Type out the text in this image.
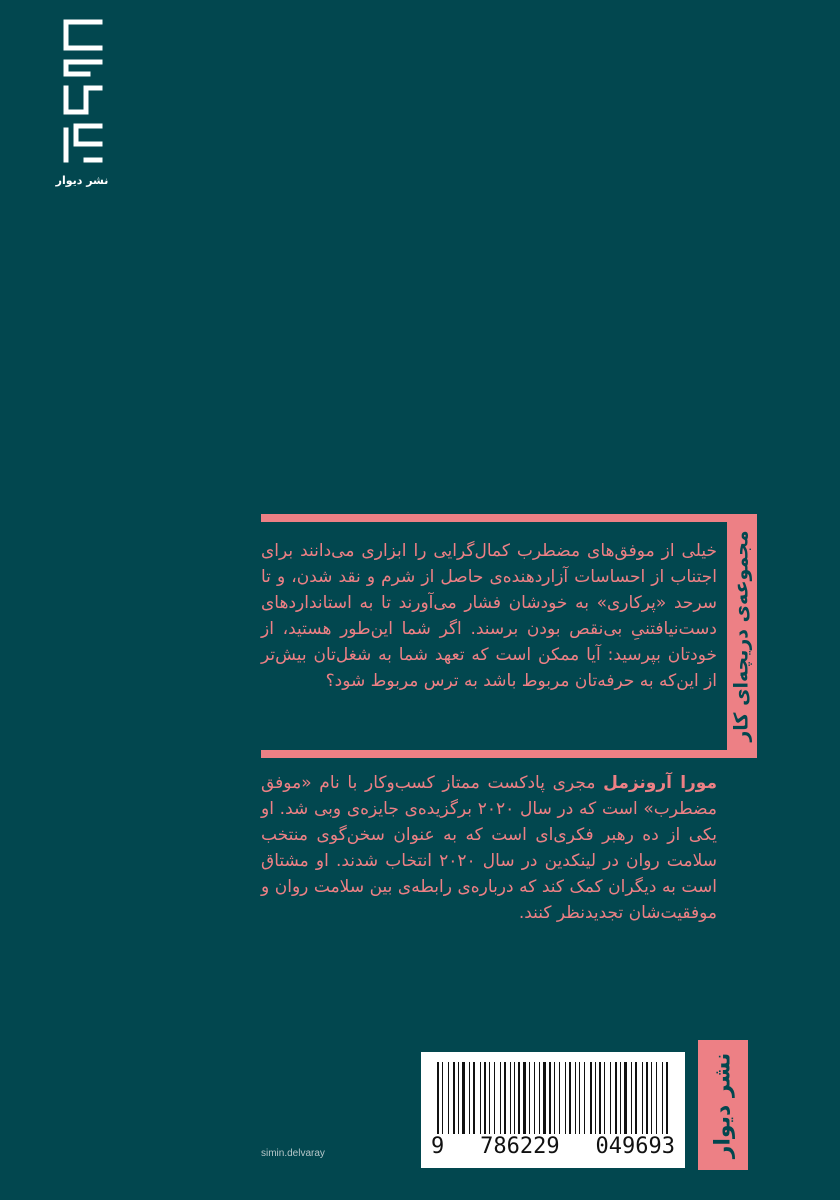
نشر دیوار
مجموعه‌ی دریچه‌ای کار
خیلی از موفق‌های مضطرب کمال‌گرایی را ابزاری می‌دانند برای اجتناب از احساسات آزاردهنده‌ی حاصل از شرم و نقد شدن، و تا سرحد «پرکاری» به خودشان فشار می‌آورند تا به استانداردهای دست‌نیافتنیِ بی‌نقص بودن برسند. اگر شما این‌طور هستید، از خودتان بپرسید: آیا ممکن است که تعهد شما به شغل‌تان بیش‌تر از این‌که به حرفه‌تان مربوط باشد به ترس مربوط شود؟
مورا آرونز‌مل مجری پادکست ممتاز کسب‌وکار با نام «موفق مضطرب» است که در سال ۲۰۲۰ برگزیده‌ی جایزه‌ی وبی شد. او یکی از ده رهبر فکری‌ای است که به عنوان سخن‌گوی منتخب سلامت روان در لینکدین در سال ۲۰۲۰ انتخاب شدند. او مشتاق است به دیگران کمک کند که درباره‌ی رابطه‌ی بین سلامت روان و موفقیت‌شان تجدیدنظر کنند.
9 786229 049693 نشر دیوار
simin.delvaray
